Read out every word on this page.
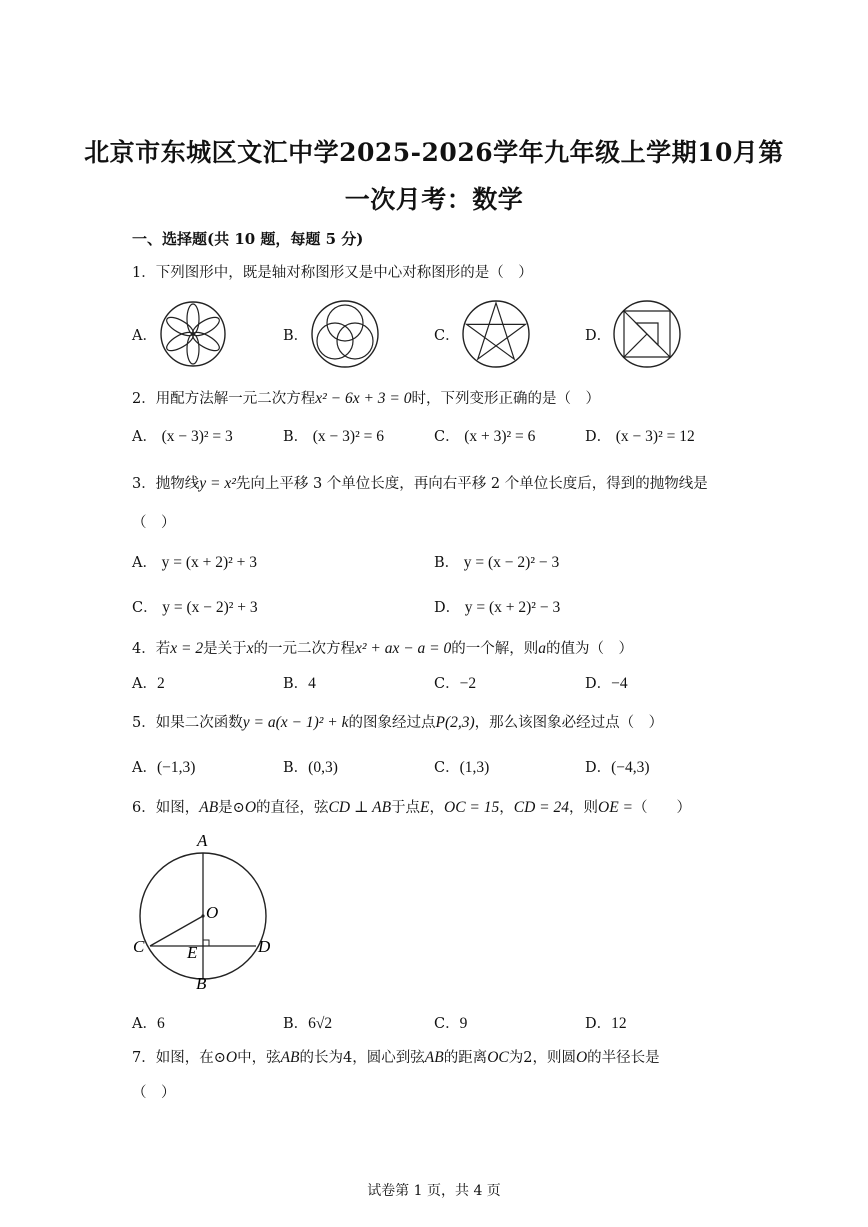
北京市东城区文汇中学2025-2026学年九年级上学期10月第
一次月考：数学
一、选择题(共 10 题，每题 5 分)
1．下列图形中，既是轴对称图形又是中心对称图形的是（　）
A．	B．	C．	D．
2．用配方法解一元二次方程x² − 6x + 3 = 0时，下列变形正确的是（　）
A． (x − 3)² = 3	B． (x − 3)² = 6	C． (x + 3)² = 6	D． (x − 3)² = 12
3．抛物线y = x²先向上平移 3 个单位长度，再向右平移 2 个单位长度后，得到的抛物线是
（　）
A． y = (x + 2)² + 3	B． y = (x − 2)² − 3
C． y = (x − 2)² + 3	D． y = (x + 2)² − 3
4．若x = 2是关于x的一元二次方程x² + ax − a = 0的一个解，则a的值为（　）
A．2	B．4	C．−2	D．−4
5．如果二次函数y = a(x − 1)² + k的图象经过点P(2,3)，那么该图象必经过点（　）
A．(−1,3)	B．(0,3)	C．(1,3)	D．(−4,3)
6．如图，AB是⊙O的直径，弦CD ⊥ AB于点E，OC = 15，CD = 24，则OE =（　　）
A
O
C	E	D
B
A．6	B．6√2	C．9	D．12
7．如图，在⊙O中，弦AB的长为4，圆心到弦AB的距离OC为2，则圆O的半径长是
（　）
试卷第 1 页，共 4 页
